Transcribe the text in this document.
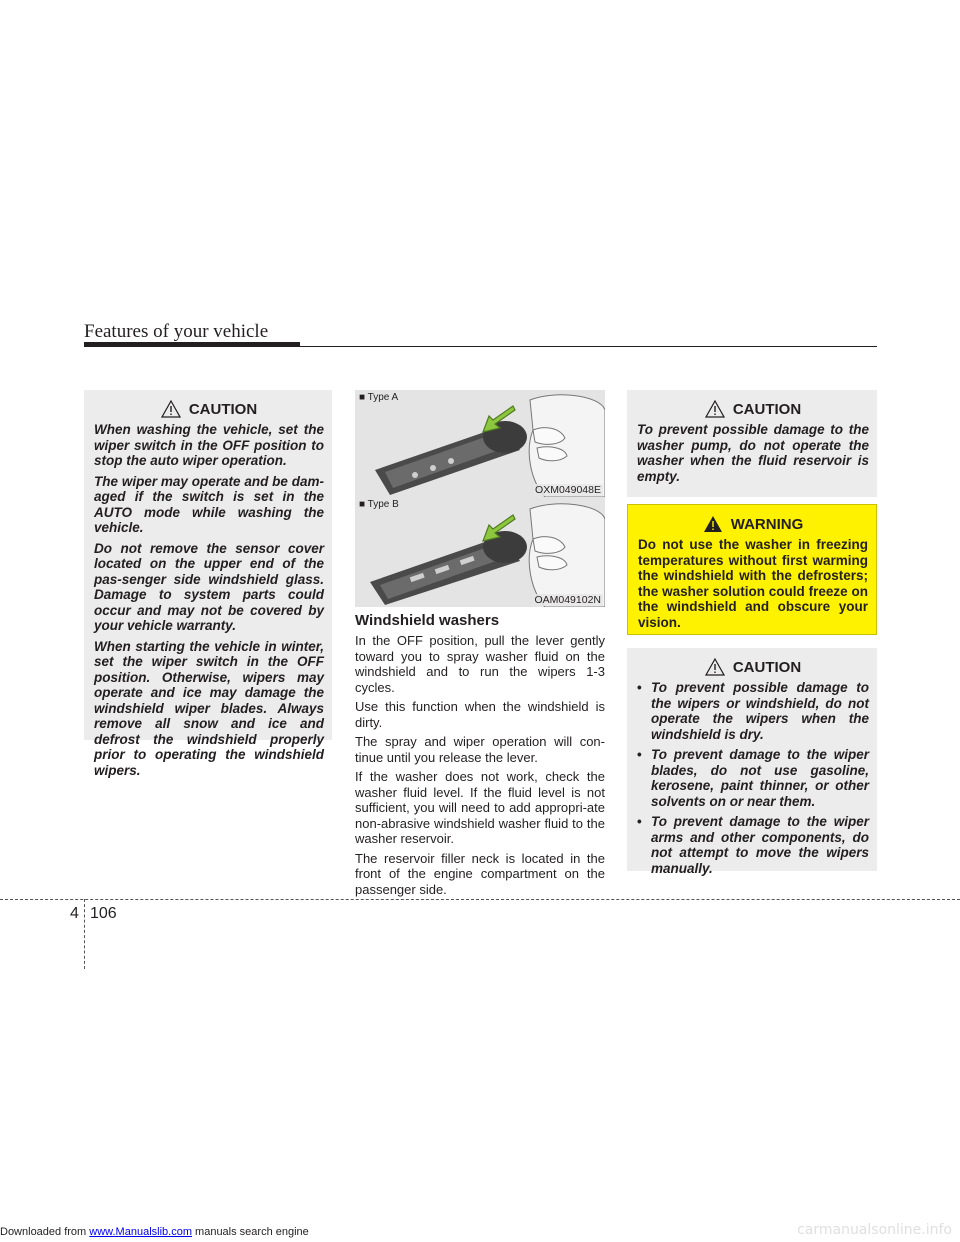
Features of your vehicle
CAUTION

When washing the vehicle, set the wiper switch in the OFF position to stop the auto wiper operation.

The wiper may operate and be dam-aged if the switch is set in the AUTO mode while washing the vehicle.

Do not remove the sensor cover located on the upper end of the pas-senger side windshield glass. Damage to system parts could occur and may not be covered by your vehicle warranty.

When starting the vehicle in winter, set the wiper switch in the OFF position. Otherwise, wipers may operate and ice may damage the windshield wiper blades. Always remove all snow and ice and defrost the windshield properly prior to operating the windshield wipers.

■ Type A
OXM049048E
■ Type B
OAM049102N
Windshield washers

In the OFF position, pull the lever gently toward you to spray washer fluid on the windshield and to run the wipers 1-3 cycles.

Use this function when the windshield is dirty.

The spray and wiper operation will con-tinue until you release the lever.

If the washer does not work, check the washer fluid level. If the fluid level is not sufficient, you will need to add appropri-ate non-abrasive windshield washer fluid to the washer reservoir.

The reservoir filler neck is located in the front of the engine compartment on the passenger side.

CAUTION

To prevent possible damage to the washer pump, do not operate the washer when the fluid reservoir is empty.

WARNING

Do not use the washer in freezing temperatures without first warming the windshield with the defrosters; the washer solution could freeze on the windshield and obscure your vision.

CAUTION
• To prevent possible damage to the wipers or windshield, do not operate the wipers when the windshield is dry.
• To prevent damage to the wiper blades, do not use gasoline, kerosene, paint thinner, or other solvents on or near them.
• To prevent damage to the wiper arms and other components, do not attempt to move the wipers manually.
4 106
Downloaded from www.Manualslib.com manuals search engine	carmanualsonline.info
